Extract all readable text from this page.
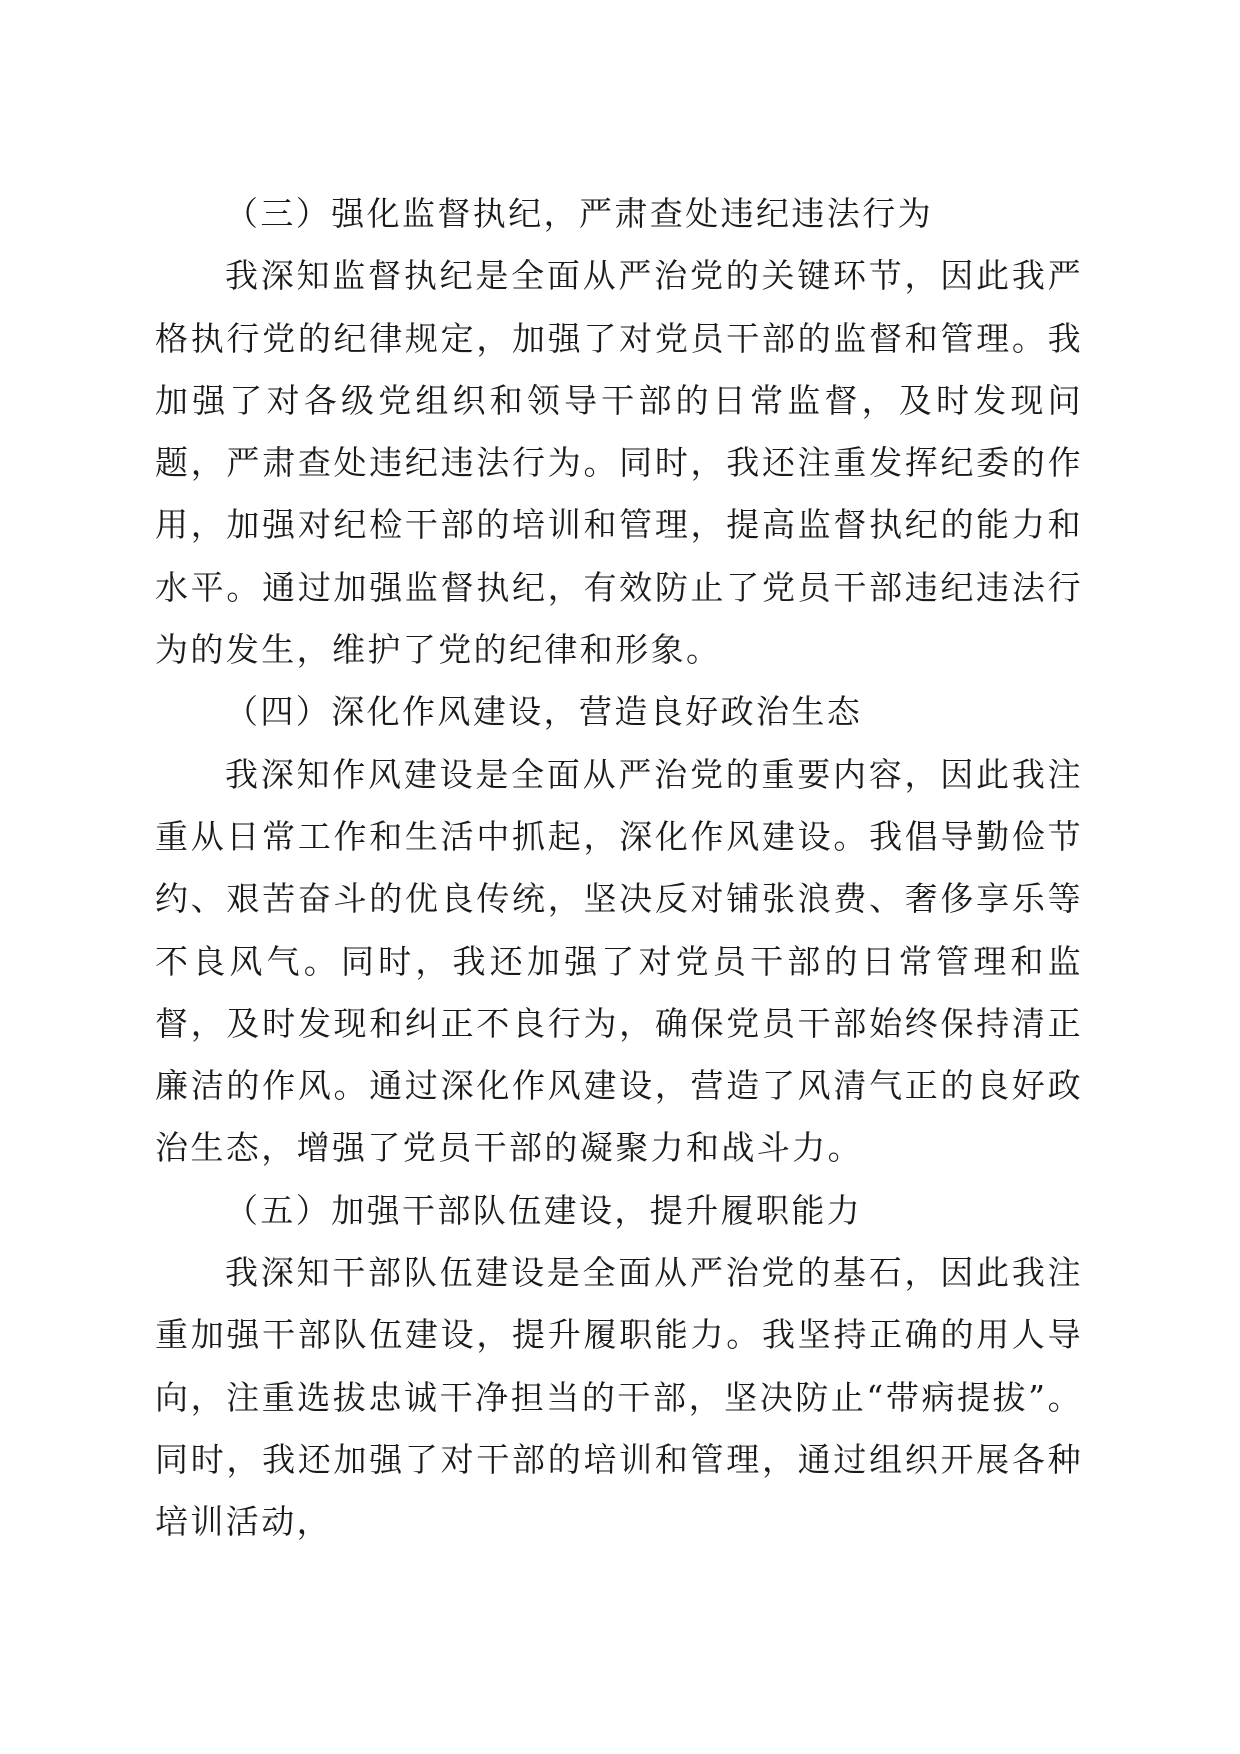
（三）强化监督执纪，严肃查处违纪违法行为

我深知监督执纪是全面从严治党的关键环节，因此我严格执行党的纪律规定，加强了对党员干部的监督和管理。我加强了对各级党组织和领导干部的日常监督，及时发现问题，严肃查处违纪违法行为。同时，我还注重发挥纪委的作用，加强对纪检干部的培训和管理，提高监督执纪的能力和水平。通过加强监督执纪，有效防止了党员干部违纪违法行为的发生，维护了党的纪律和形象。

（四）深化作风建设，营造良好政治生态

我深知作风建设是全面从严治党的重要内容，因此我注重从日常工作和生活中抓起，深化作风建设。我倡导勤俭节约、艰苦奋斗的优良传统，坚决反对铺张浪费、奢侈享乐等不良风气。同时，我还加强了对党员干部的日常管理和监督，及时发现和纠正不良行为，确保党员干部始终保持清正廉洁的作风。通过深化作风建设，营造了风清气正的良好政治生态，增强了党员干部的凝聚力和战斗力。

（五）加强干部队伍建设，提升履职能力

我深知干部队伍建设是全面从严治党的基石，因此我注重加强干部队伍建设，提升履职能力。我坚持正确的用人导向，注重选拔忠诚干净担当的干部，坚决防止“带病提拔”。同时，我还加强了对干部的培训和管理，通过组织开展各种培训活动，
